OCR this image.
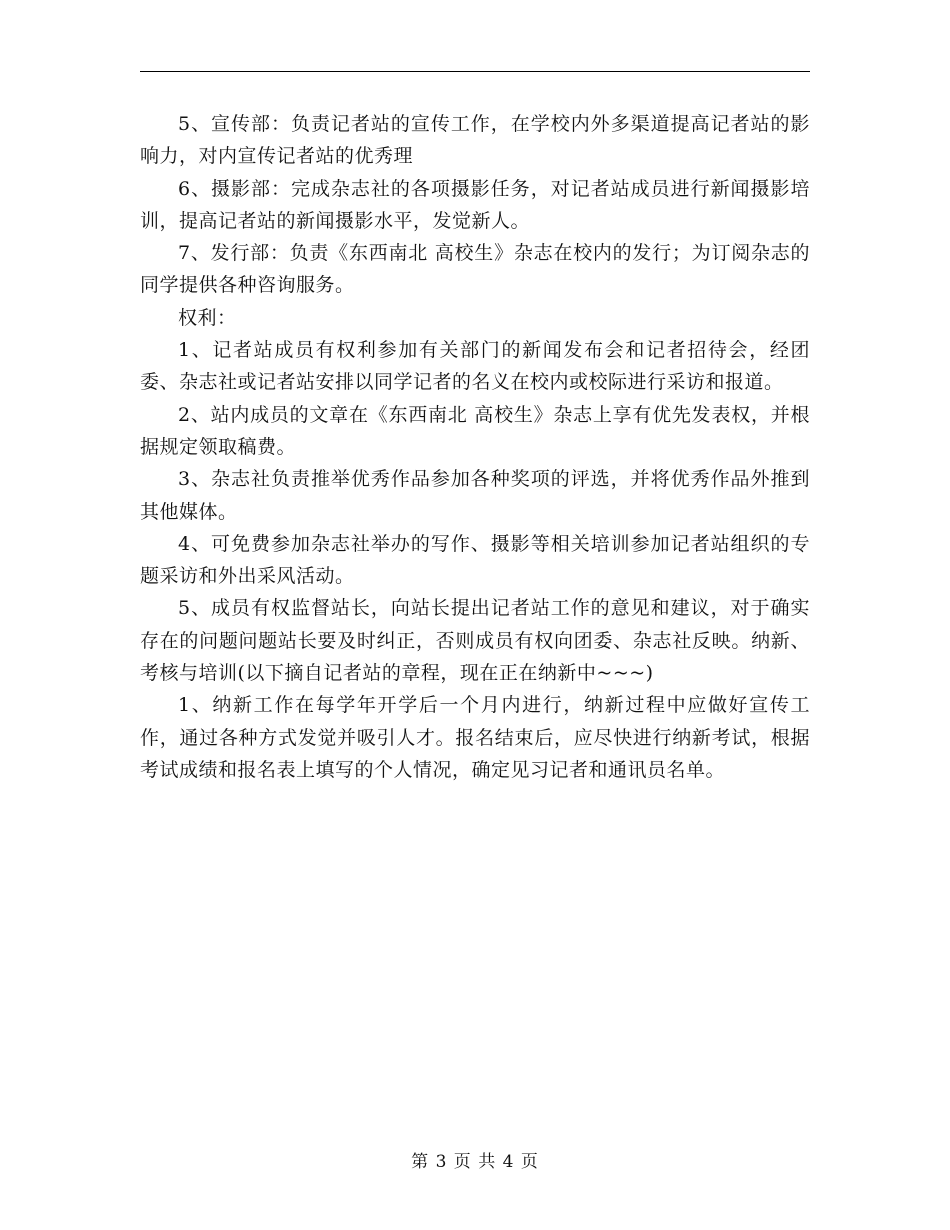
5、宣传部：负责记者站的宣传工作，在学校内外多渠道提高记者站的影响力，对内宣传记者站的优秀理

6、摄影部：完成杂志社的各项摄影任务，对记者站成员进行新闻摄影培训，提高记者站的新闻摄影水平，发觉新人。

7、发行部：负责《东西南北 高校生》杂志在校内的发行；为订阅杂志的同学提供各种咨询服务。

权利：

1、记者站成员有权利参加有关部门的新闻发布会和记者招待会，经团委、杂志社或记者站安排以同学记者的名义在校内或校际进行采访和报道。

2、站内成员的文章在《东西南北 高校生》杂志上享有优先发表权，并根据规定领取稿费。

3、杂志社负责推举优秀作品参加各种奖项的评选，并将优秀作品外推到其他媒体。

4、可免费参加杂志社举办的写作、摄影等相关培训参加记者站组织的专题采访和外出采风活动。

5、成员有权监督站长，向站长提出记者站工作的意见和建议，对于确实存在的问题问题站长要及时纠正，否则成员有权向团委、杂志社反映。纳新、考核与培训(以下摘自记者站的章程，现在正在纳新中~~~)

1、纳新工作在每学年开学后一个月内进行，纳新过程中应做好宣传工作，通过各种方式发觉并吸引人才。报名结束后，应尽快进行纳新考试，根据考试成绩和报名表上填写的个人情况，确定见习记者和通讯员名单。

第 3 页 共 4 页
